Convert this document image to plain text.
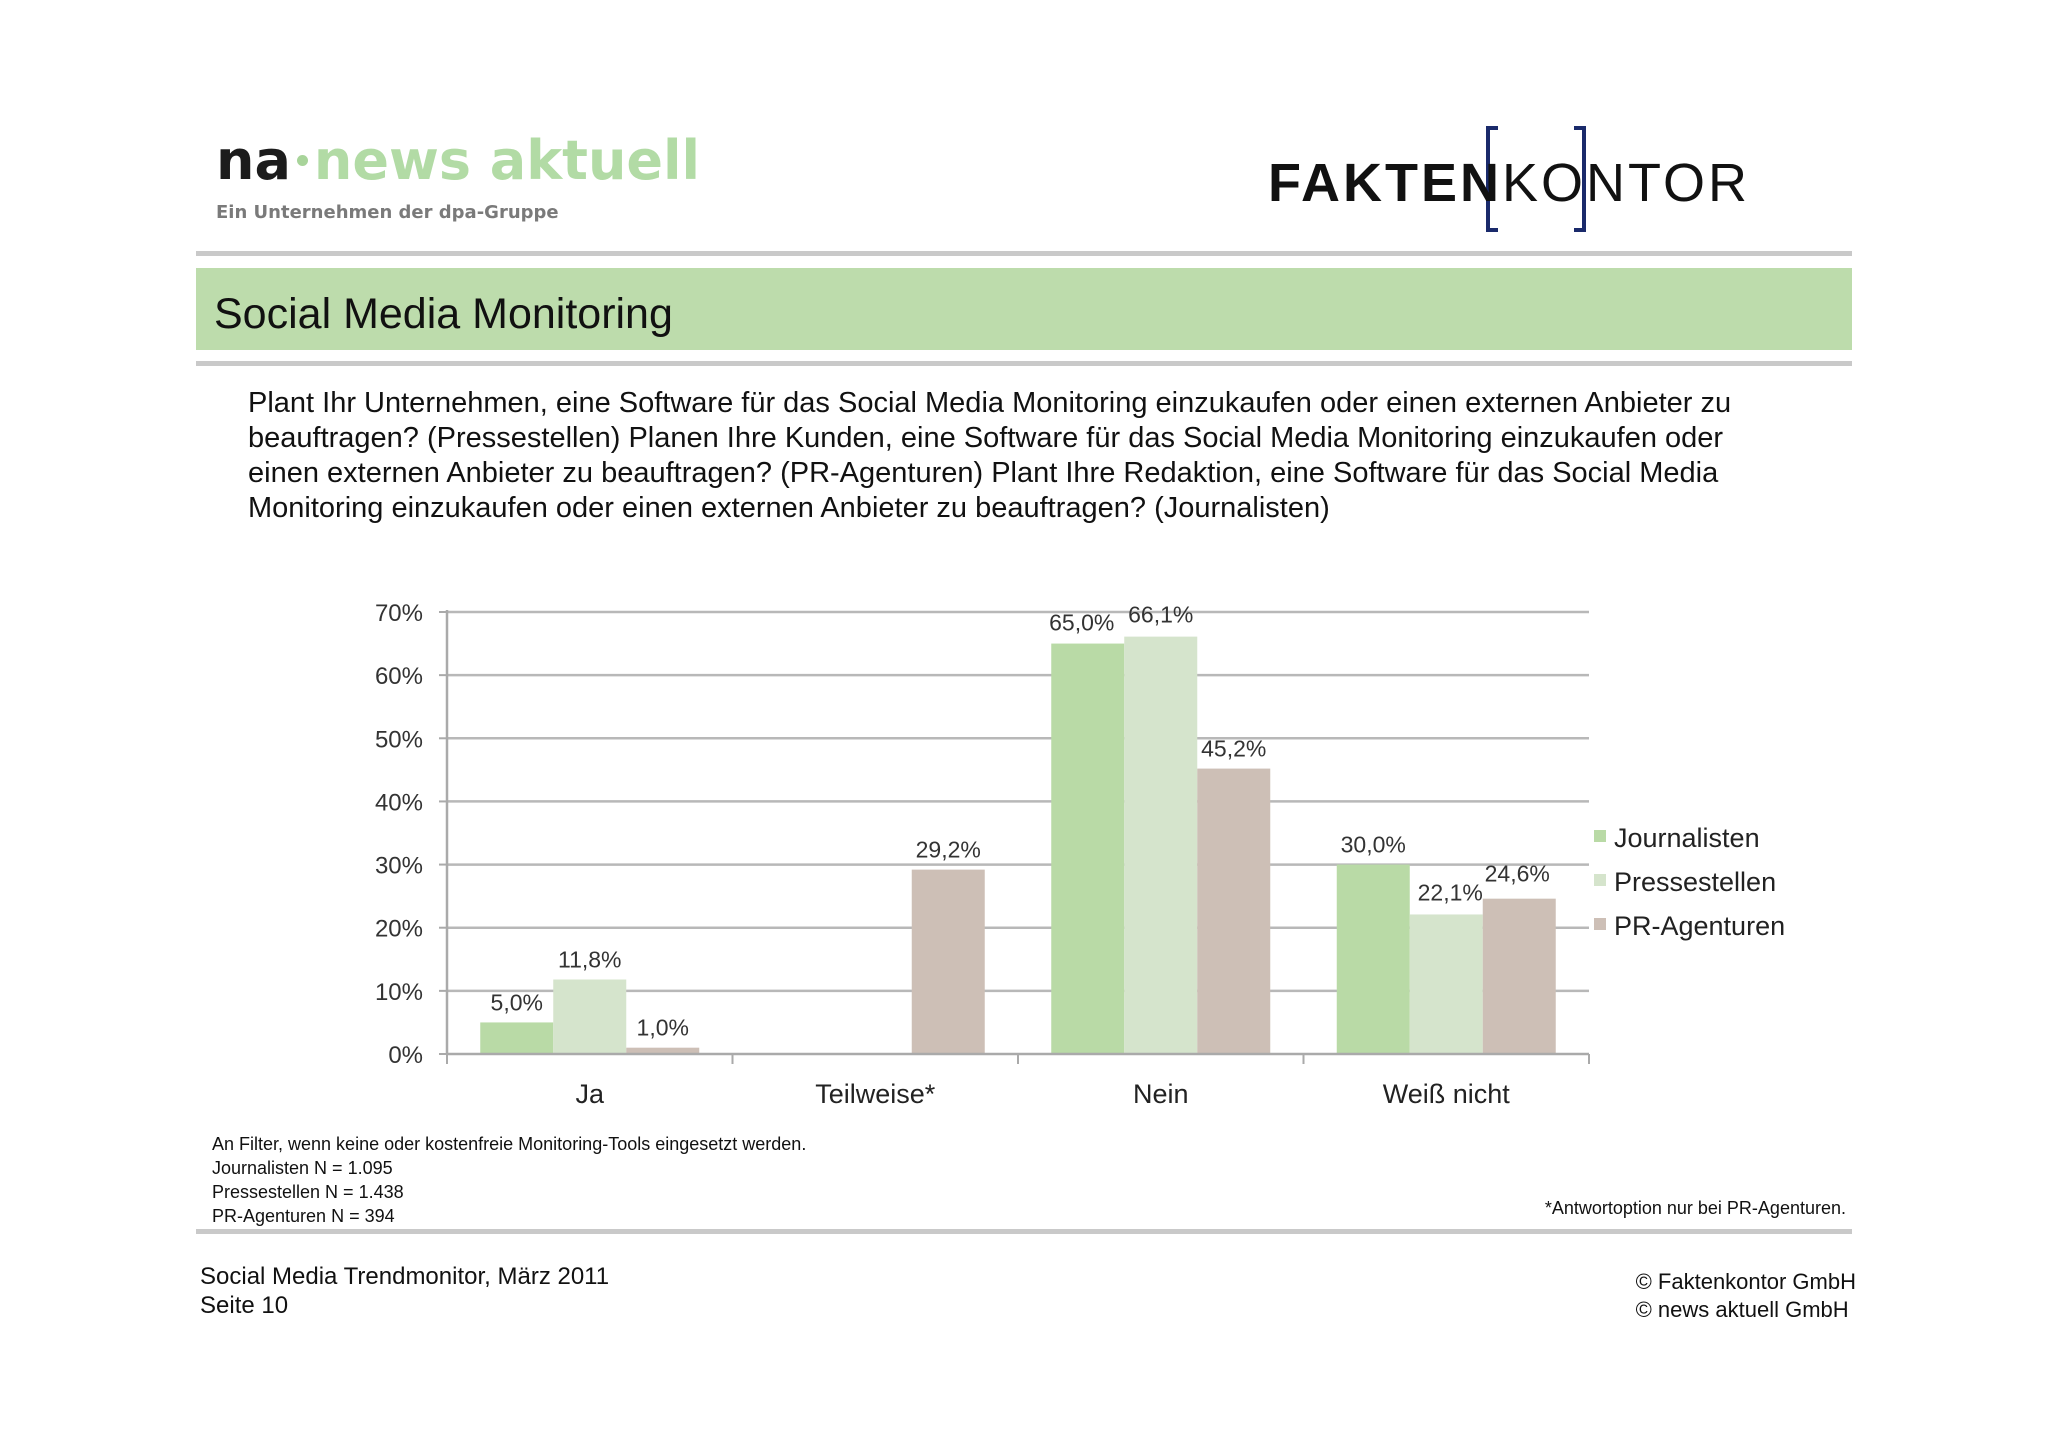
na news aktuell
Ein Unternehmen der dpa-Gruppe	FAKTENKONTOR
Social Media Monitoring
Plant Ihr Unternehmen, eine Software für das Social Media Monitoring einzukaufen oder einen externen Anbieter zu beauftragen? (Pressestellen) Planen Ihre Kunden, eine Software für das Social Media Monitoring einzukaufen oder einen externen Anbieter zu beauftragen? (PR-Agenturen) Plant Ihre Redaktion, eine Software für das Social Media Monitoring einzukaufen oder einen externen Anbieter zu beauftragen? (Journalisten)
5,0%
11,8%
1,0%
29,2%
65,0% 66,1%
45,2%
30,0%
22,1%
24,6%
0%
10%
20%
30%
40%
50%
60%
70%
Ja	Teilweise*	Nein	Weiß nicht
Journalisten
Pressestellen
PR-Agenturen
An Filter, wenn keine oder kostenfreie Monitoring-Tools eingesetzt werden.
Journalisten N = 1.095
Pressestellen N = 1.438
PR-Agenturen N = 394	*Antwortoption nur bei PR-Agenturen.
Social Media Trendmonitor, März 2011
Seite 10
© Faktenkontor GmbH
© news aktuell GmbH
